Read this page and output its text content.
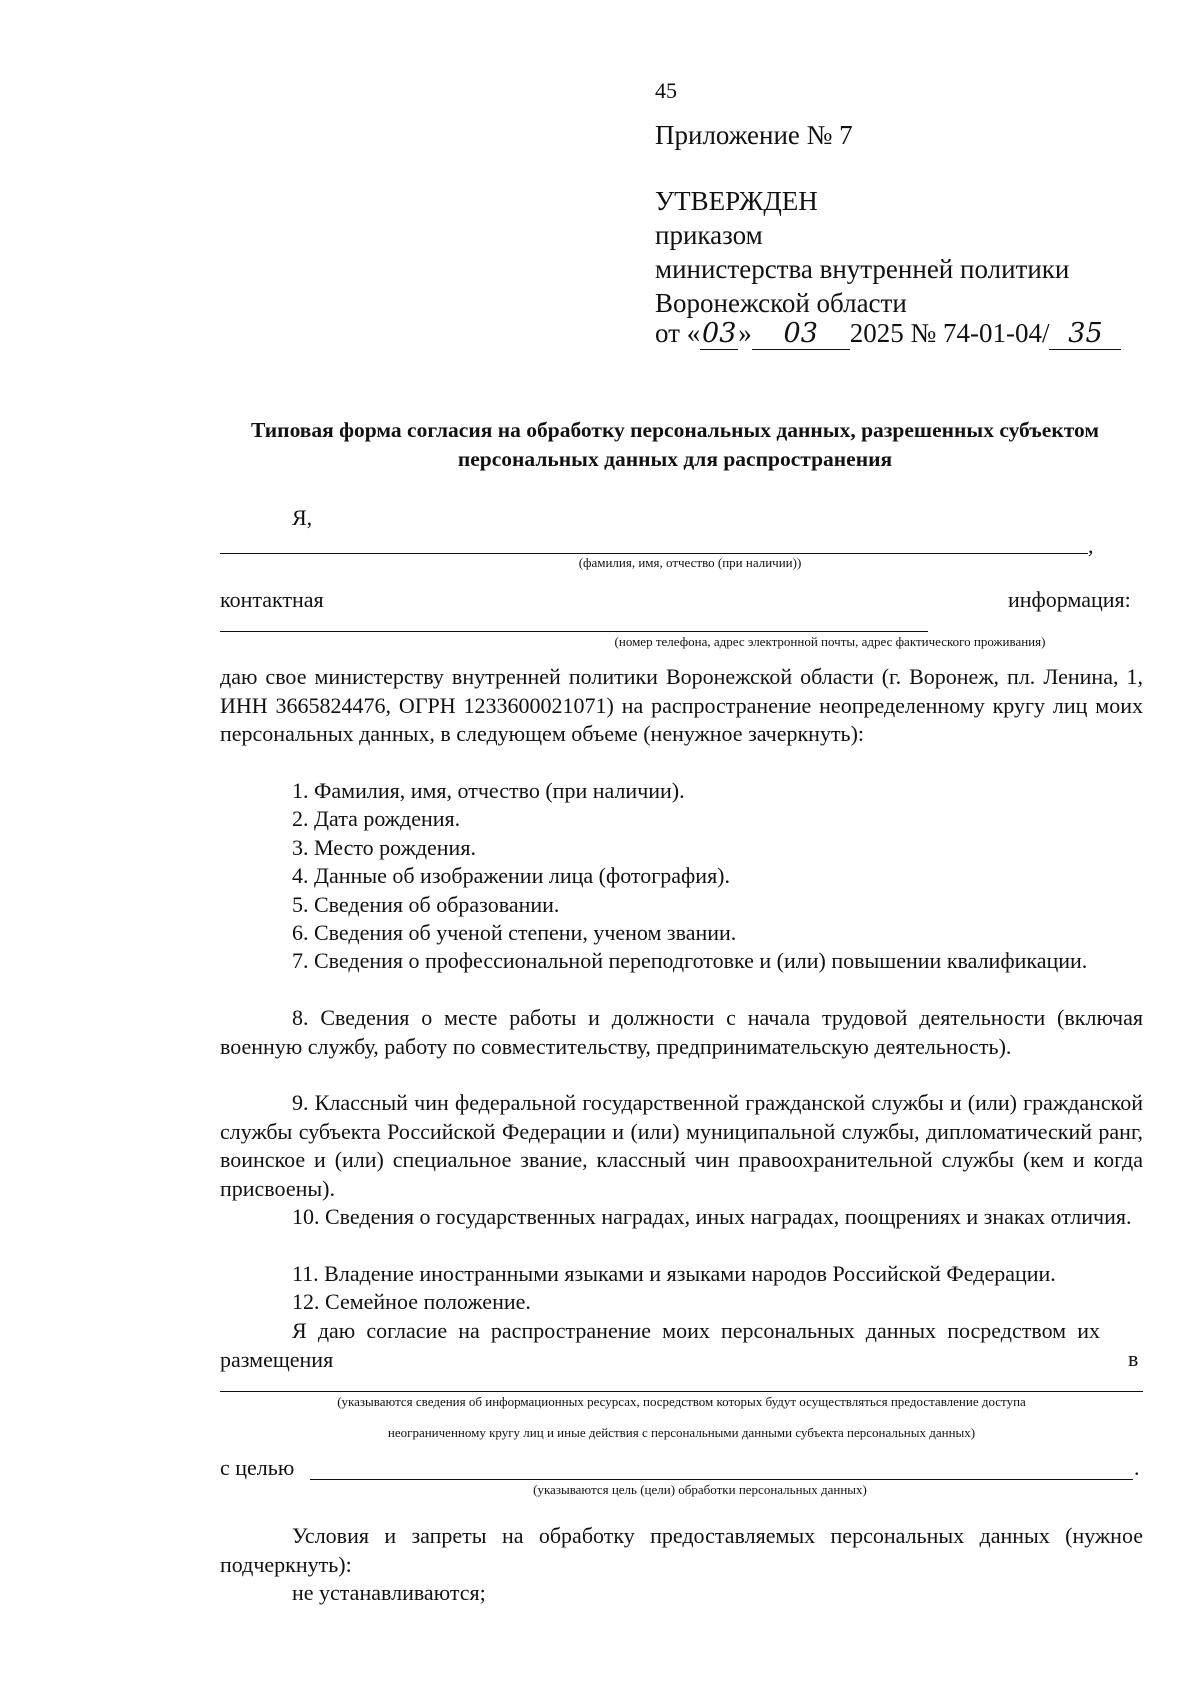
45
Приложение № 7
УТВЕРЖДЕН
приказом
министерства внутренней политики
Воронежской области
от «03» 03 2025 № 74-01-04/ 35
Типовая форма согласия на обработку персональных данных, разрешенных субъектом персональных данных для распространения
Я,
,
(фамилия, имя, отчество (при наличии))
контактная	информация:
(номер телефона, адрес электронной почты, адрес фактического проживания)
даю свое министерству внутренней политики Воронежской области (г. Воронеж, пл. Ленина, 1, ИНН 3665824476, ОГРН 1233600021071) на распространение неопределенному кругу лиц моих персональных данных, в следующем объеме (ненужное зачеркнуть):
1. Фамилия, имя, отчество (при наличии).
2. Дата рождения.
3. Место рождения.
4. Данные об изображении лица (фотография).
5. Сведения об образовании.
6. Сведения об ученой степени, ученом звании.
7. Сведения о профессиональной переподготовке и (или) повышении квалификации.
8. Сведения о месте работы и должности с начала трудовой деятельности (включая военную службу, работу по совместительству, предпринимательскую деятельность).
9. Классный чин федеральной государственной гражданской службы и (или) гражданской службы субъекта Российской Федерации и (или) муниципальной службы, дипломатический ранг, воинское и (или) специальное звание, классный чин правоохранительной службы (кем и когда присвоены).
10. Сведения о государственных наградах, иных наградах, поощрениях и знаках отличия.
11. Владение иностранными языками и языками народов Российской Федерации.
12. Семейное положение.
Я даю согласие на распространение моих персональных данных посредством их размещения	в
(указываются сведения об информационных ресурсах, посредством которых будут осуществляться предоставление доступа
неограниченному кругу лиц и иные действия с персональными данными субъекта персональных данных)
с целью	.
(указываются цель (цели) обработки персональных данных)
Условия и запреты на обработку предоставляемых персональных данных (нужное подчеркнуть):
не устанавливаются;
